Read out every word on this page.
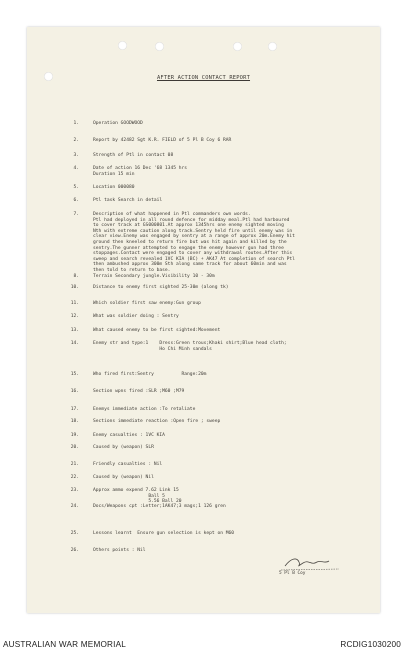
AFTER ACTION CONTACT REPORT
1.	Operation GOODWOOD
2.	Report by 42482 Sgt K.R. FIELD of 5 Pl B Coy 6 RAR
3.	Strength of Ptl in contact 08
4.	Date of action 16 Dec '68 1345 hrs
Duration 15 min
5.	Location 000080
6.	Ptl task Search in detail
7.	Description of what happened in Ptl commanders own words.
Ptl had deployed in all round defence for midday meal.Ptl had harboured
to cover track at GS000801.At approx 1345hrs one enemy sighted moving
Nth with extreme caution along track.Sentry held fire until enemy was in
clear view.Enemy was engaged by sentry at a range of approx 20m.Enemy hit
ground then kneeled to return fire but was hit again and killed by the
sentry.The gunner attempted to engage the enemy however gun had three
stoppages.Contact were engaged to cover any withdrawal routes.After this
sweep and search revealed 1VC KIA (BC) + AK47 At completion of search Ptl
then ambushed approx 300m Sth along same track for about 60min and was
then told to return to base.
8.	Terrain Secondary jungle.Visibility 10 - 30m
10.	Distance to enemy first sighted 25-30m (along tk)
11.	Which soldier first saw enemy:Gun group
12.	What was soldier doing : Sentry
13.	What caused enemy to be first sighted:Movement
14.	Enemy str and type:1    Dress:Green trous;Khaki shirt;Blue head cloth;
Ho Chi Minh sandals
15.	Who fired first:Sentry          Range:20m
16.	Section wpns fired :SLR ;M60 ;M79
17.	Enemys immediate action :To retaliate
18.	Sections immediate reaction :Open fire ; sweep
19.	Enemy casualties : 1VC KIA
20.	Caused by (weapon) SLR
21.	Friendly casualties : Nil
22.	Caused by (weapon) Nil
23.	Approx ammo expend 7.62 Link 15
Ball 5
5.56 Ball 20
24.	Docs/Weapons cpt :Letter;1AK47;3 mags;1 126 gren
25.	Lessons learnt  Ensure gun selection is kept on M60
26.	Others points : Nil
5 Pl B Coy
AUSTRALIAN WAR MEMORIAL	RCDIG1030200
